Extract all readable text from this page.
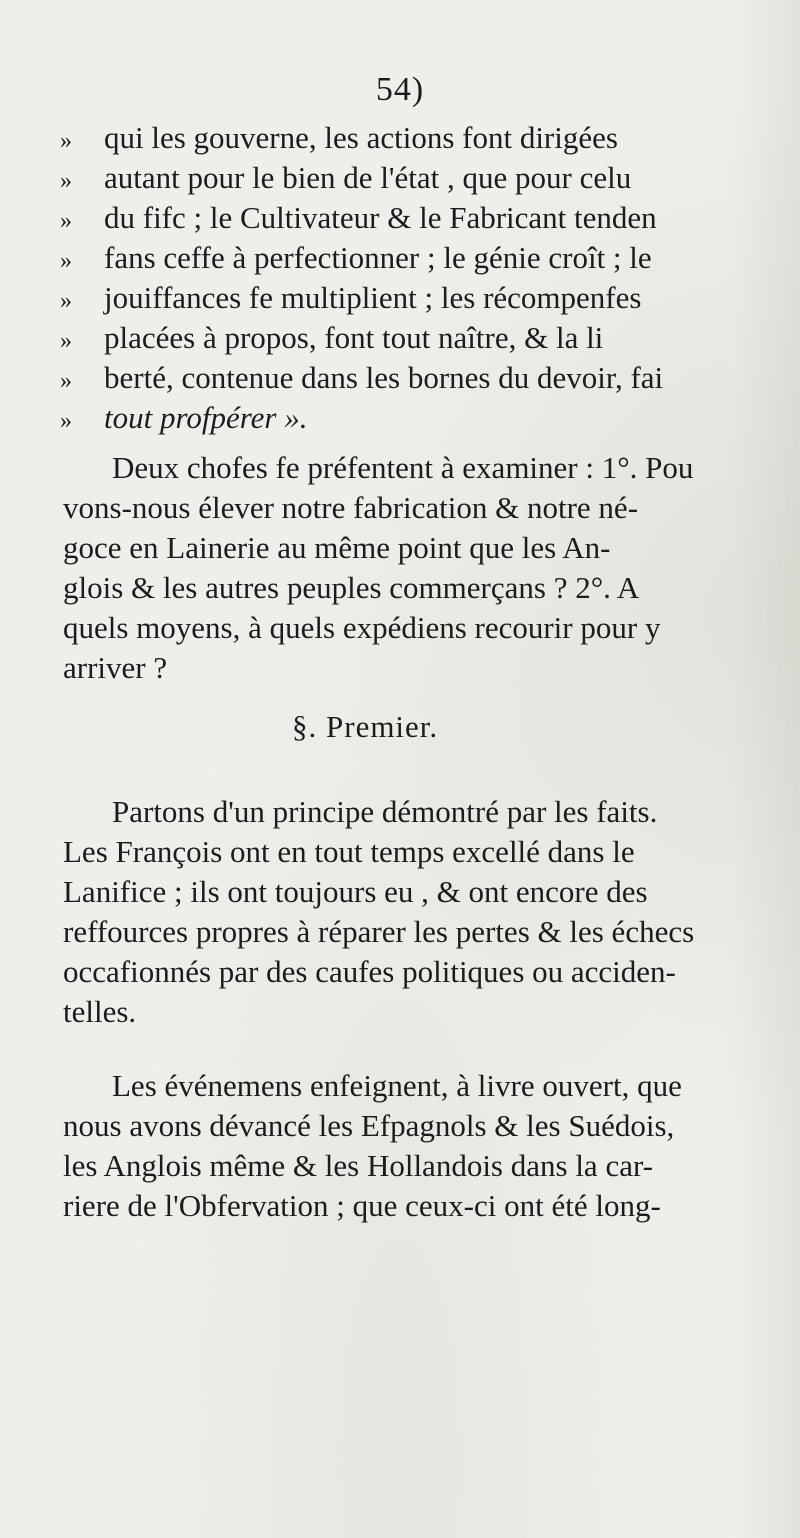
54)
» qui les gouverne, les actions font dirigées
» autant pour le bien de l'état , que pour celu
» du fifc ; le Cultivateur & le Fabricant tenden
» fans ceffe à perfectionner ; le génie croît ; le
» jouiffances fe multiplient ; les récompenfes
» placées à propos, font tout naître, & la li
» berté, contenue dans les bornes du devoir, fai
» tout profpérer ».
Deux chofes fe préfentent à examiner : 1°. Pou
vons-nous élever notre fabrication & notre né-
goce en Lainerie au même point que les An-
glois & les autres peuples commerçans ? 2°. A
quels moyens, à quels expédiens recourir pour y
arriver ?
§. Premier.
Partons d'un principe démontré par les faits.
Les François ont en tout temps excellé dans le
Lanifice ; ils ont toujours eu , & ont encore des
reffources propres à réparer les pertes & les échecs
occafionnés par des caufes politiques ou acciden-
telles.
Les événemens enfeignent, à livre ouvert, que
nous avons dévancé les Efpagnols & les Suédois,
les Anglois même & les Hollandois dans la car-
riere de l'Obfervation ; que ceux-ci ont été long-
